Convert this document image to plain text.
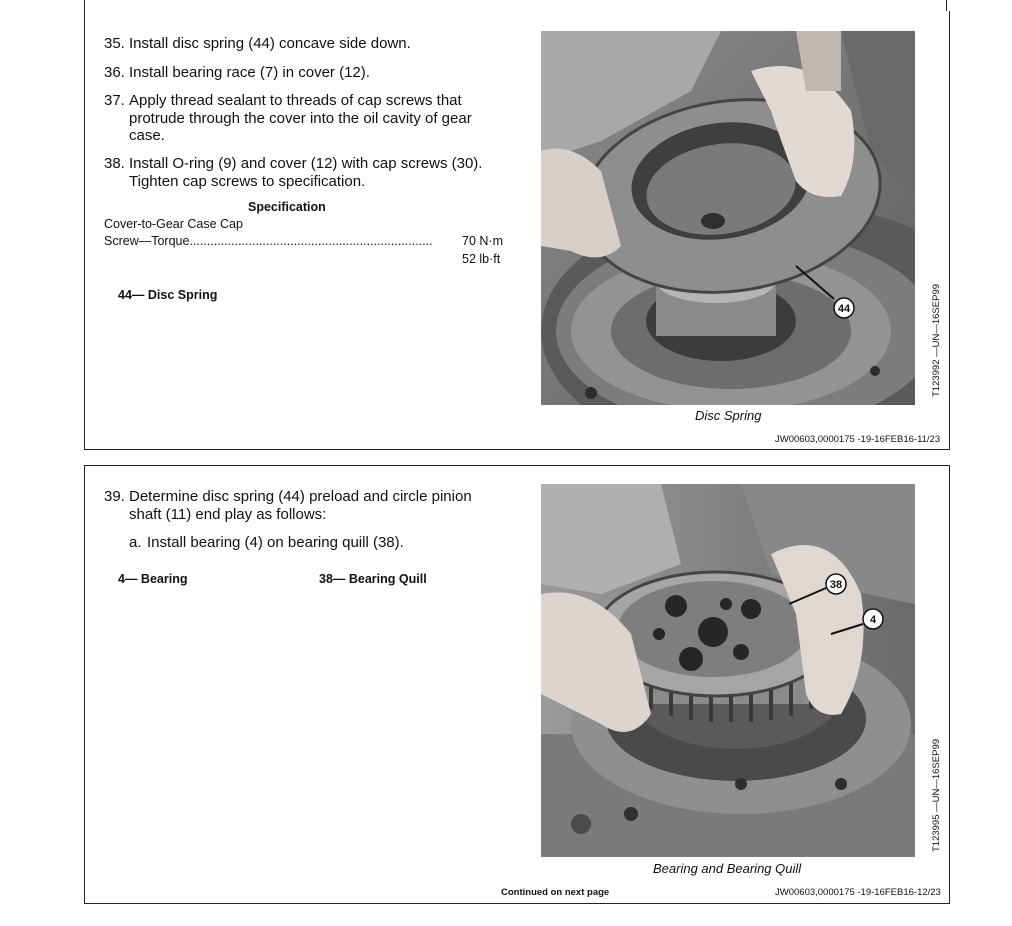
35. Install disc spring (44) concave side down.
36. Install bearing race (7) in cover (12).
37. Apply thread sealant to threads of cap screws that
protrude through the cover into the oil cavity of gear
case.
38. Install O-ring (9) and cover (12) with cap screws (30).
Tighten cap screws to specification.
Specification
Cover-to-Gear Case Cap
Screw—Torque......................................................................	70 N·m
52 lb·ft
44— Disc Spring
44	T123992 —UN—16SEP99
Disc Spring
JW00603,0000175 -19-16FEB16-11/23
39. Determine disc spring (44) preload and circle pinion
shaft (11) end play as follows:
a. Install bearing (4) on bearing quill (38).
4— Bearing	38— Bearing Quill	38
4
T123995 —UN—16SEP99
Bearing and Bearing Quill
Continued on next page	JW00603,0000175 -19-16FEB16-12/23
